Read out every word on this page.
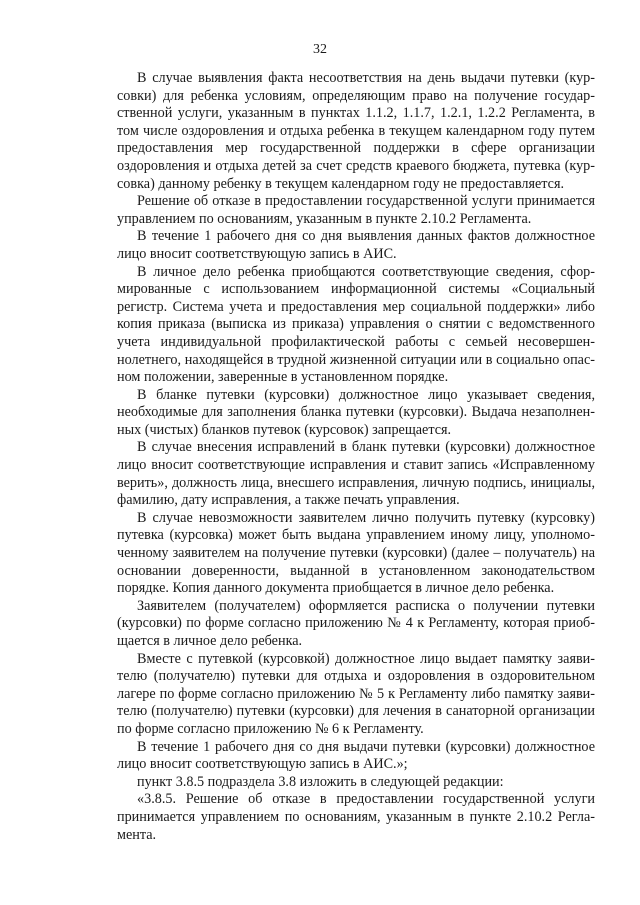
32

В случае выявления факта несоответствия на день выдачи путевки (курсовки) для ребенка условиям, определяющим право на получение государственной услуги, указанным в пунктах 1.1.2, 1.1.7, 1.2.1, 1.2.2 Регламента, в том числе оздоровления и отдыха ребенка в текущем календарном году путем предоставления мер государственной поддержки в сфере организации оздоровления и отдыха детей за счет средств краевого бюджета, путевка (курсовка) данному ребенку в текущем календарном году не предоставляется.

Решение об отказе в предоставлении государственной услуги принимается управлением по основаниям, указанным в пункте 2.10.2 Регламента.

В течение 1 рабочего дня со дня выявления данных фактов должностное лицо вносит соответствующую запись в АИС.

В личное дело ребенка приобщаются соответствующие сведения, сформированные с использованием информационной системы «Социальный регистр. Система учета и предоставления мер социальной поддержки» либо копия приказа (выписка из приказа) управления о снятии с ведомственного учета индивидуальной профилактической работы с семьей несовершеннолетнего, находящейся в трудной жизненной ситуации или в социально опасном положении, заверенные в установленном порядке.

В бланке путевки (курсовки) должностное лицо указывает сведения, необходимые для заполнения бланка путевки (курсовки). Выдача незаполненных (чистых) бланков путевок (курсовок) запрещается.

В случае внесения исправлений в бланк путевки (курсовки) должностное лицо вносит соответствующие исправления и ставит запись «Исправленному верить», должность лица, внесшего исправления, личную подпись, инициалы, фамилию, дату исправления, а также печать управления.

В случае невозможности заявителем лично получить путевку (курсовку) путевка (курсовка) может быть выдана управлением иному лицу, уполномоченному заявителем на получение путевки (курсовки) (далее – получатель) на основании доверенности, выданной в установленном законодательством порядке. Копия данного документа приобщается в личное дело ребенка.

Заявителем (получателем) оформляется расписка о получении путевки (курсовки) по форме согласно приложению № 4 к Регламенту, которая приобщается в личное дело ребенка.

Вместе с путевкой (курсовкой) должностное лицо выдает памятку заявителю (получателю) путевки для отдыха и оздоровления в оздоровительном лагере по форме согласно приложению № 5 к Регламенту либо памятку заявителю (получателю) путевки (курсовки) для лечения в санаторной организации по форме согласно приложению № 6 к Регламенту.

В течение 1 рабочего дня со дня выдачи путевки (курсовки) должностное лицо вносит соответствующую запись в АИС.»;

пункт 3.8.5 подраздела 3.8 изложить в следующей редакции:

«3.8.5. Решение об отказе в предоставлении государственной услуги принимается управлением по основаниям, указанным в пункте 2.10.2 Регламента.
